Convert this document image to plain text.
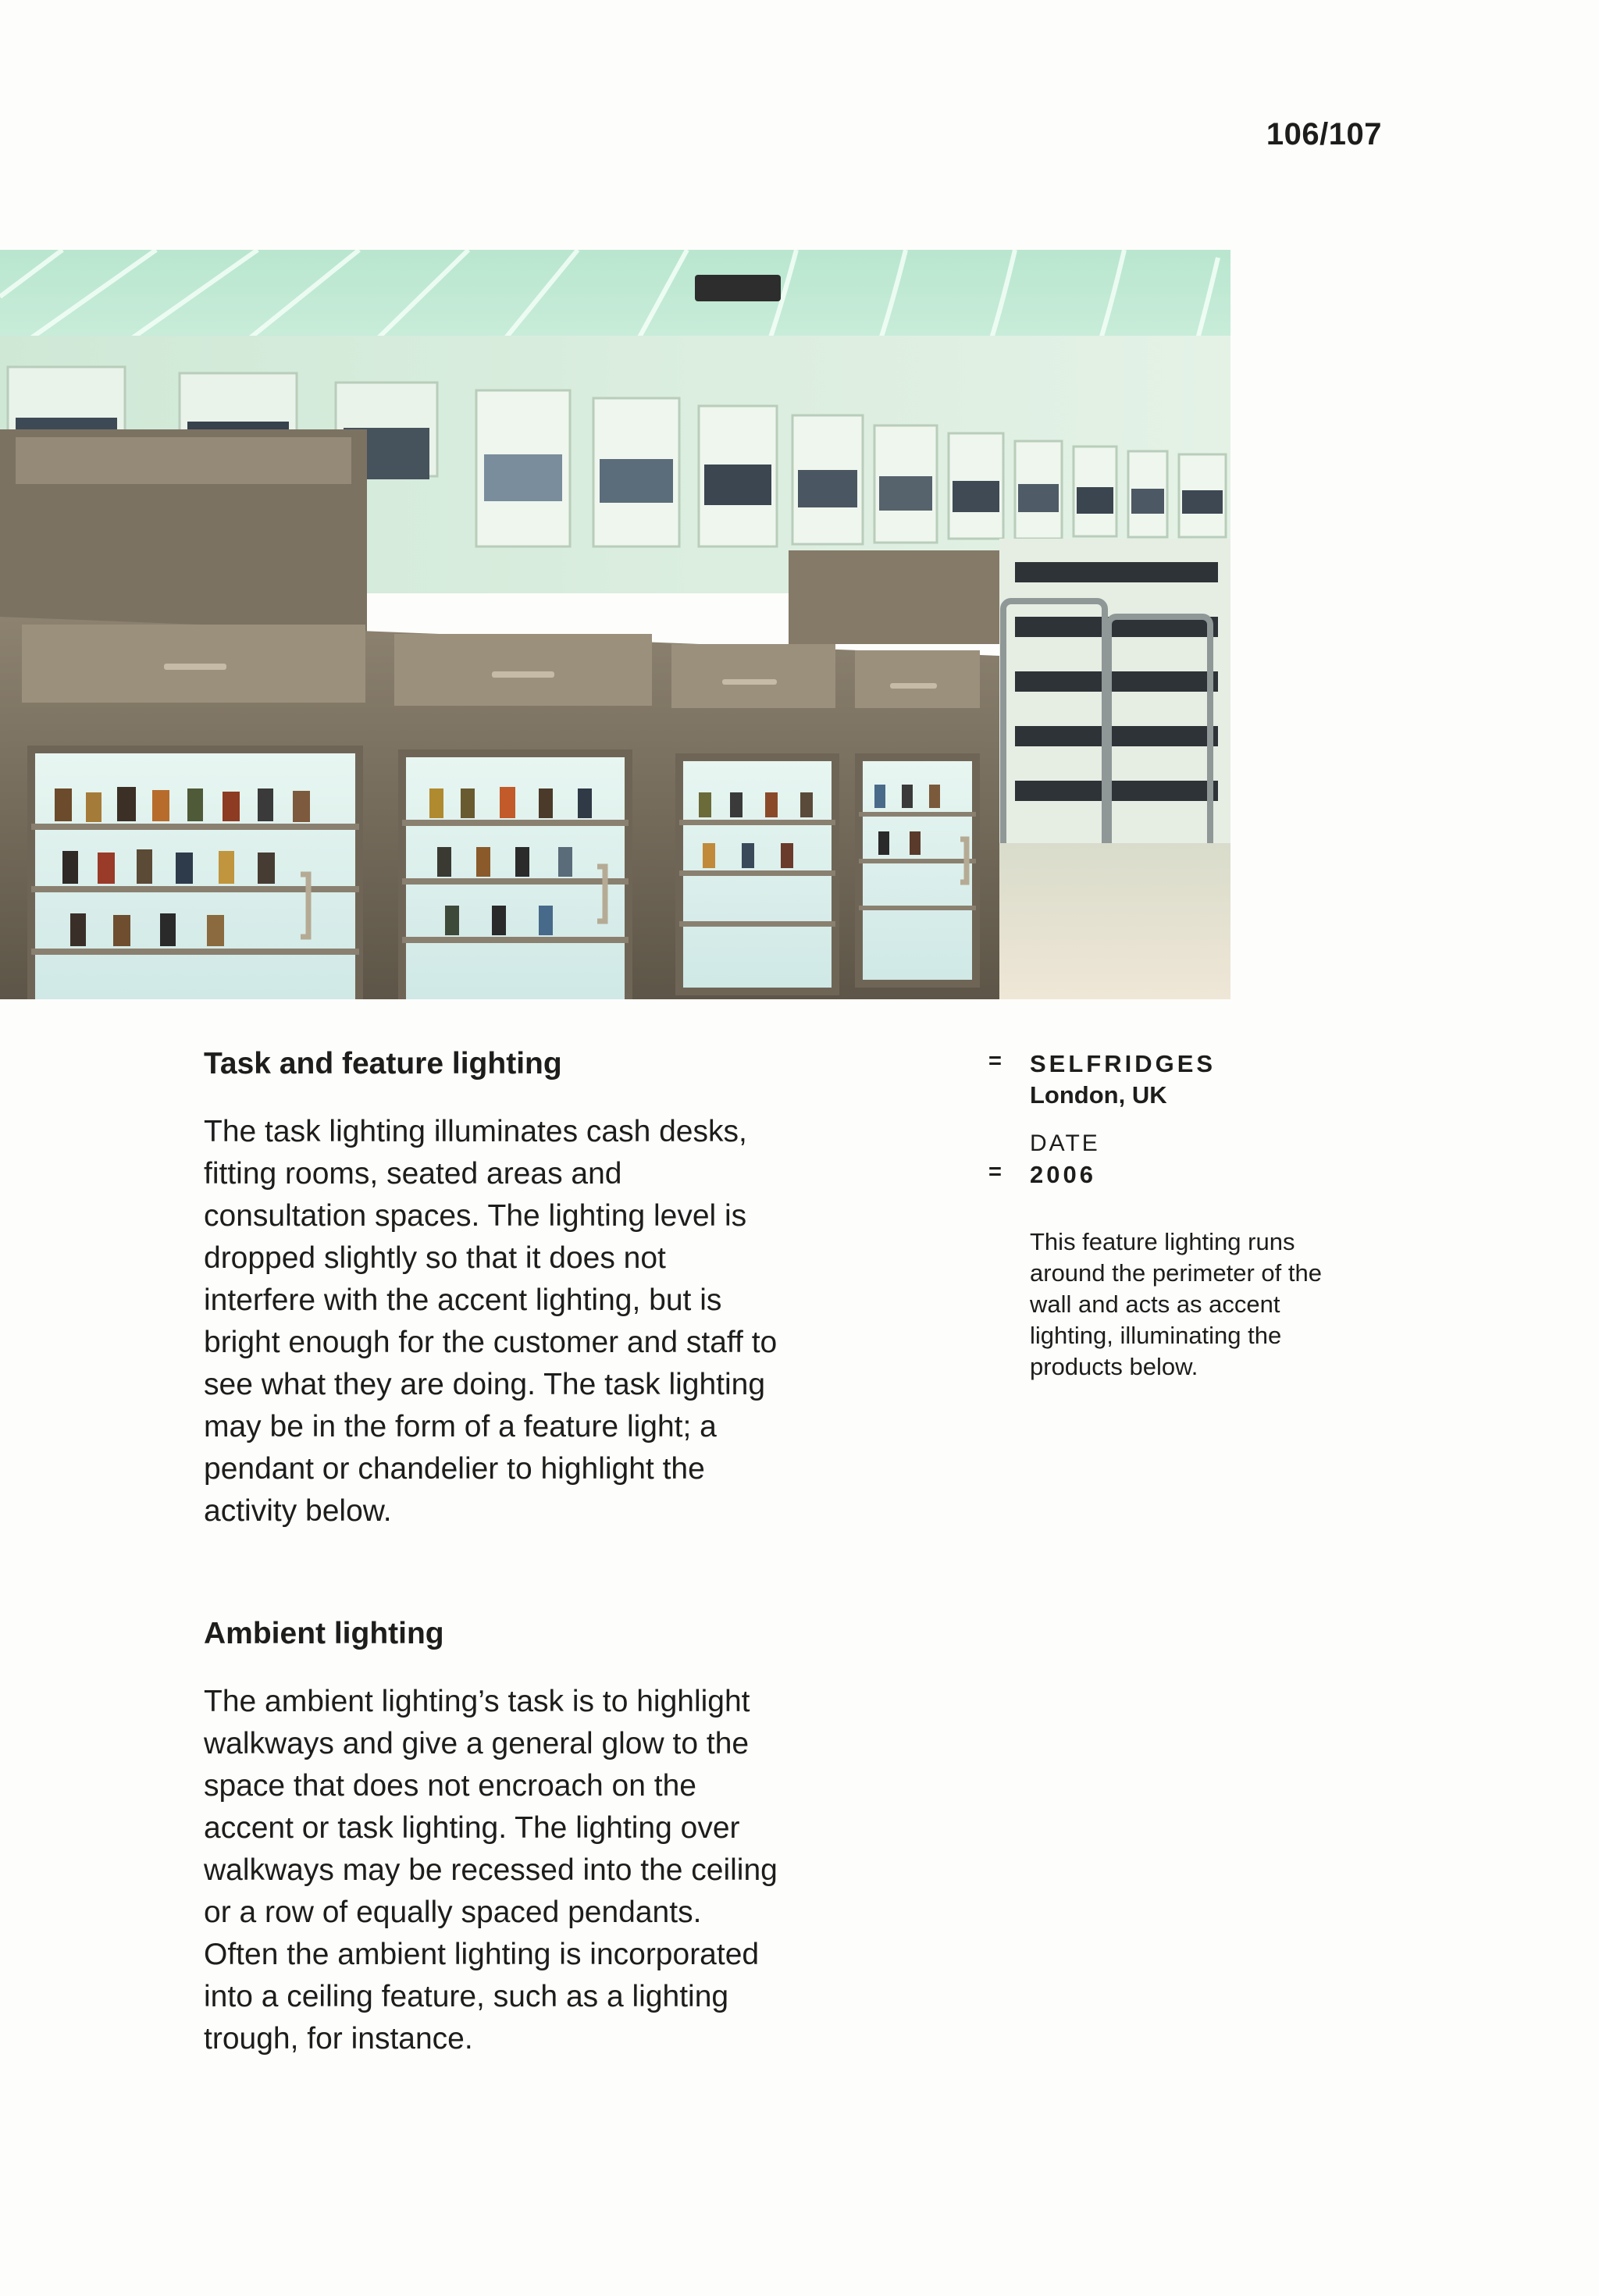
106/107
Task and feature lighting

The task lighting illuminates cash desks, fitting rooms, seated areas and consultation spaces. The lighting level is dropped slightly so that it does not interfere with the accent lighting, but is bright enough for the customer and staff to see what they are doing. The task lighting may be in the form of a feature light; a pendant or chandelier to highlight the activity below.

Ambient lighting

The ambient lighting’s task is to highlight walkways and give a general glow to the space that does not encroach on the accent or task lighting. The lighting over walkways may be recessed into the ceiling or a row of equally spaced pendants. Often the ambient lighting is incorporated into a ceiling feature, such as a lighting trough, for instance.

= SELFRIDGES
London, UK
DATE
= 2006
This feature lighting runs around the perimeter of the wall and acts as accent lighting, illuminating the products below.
